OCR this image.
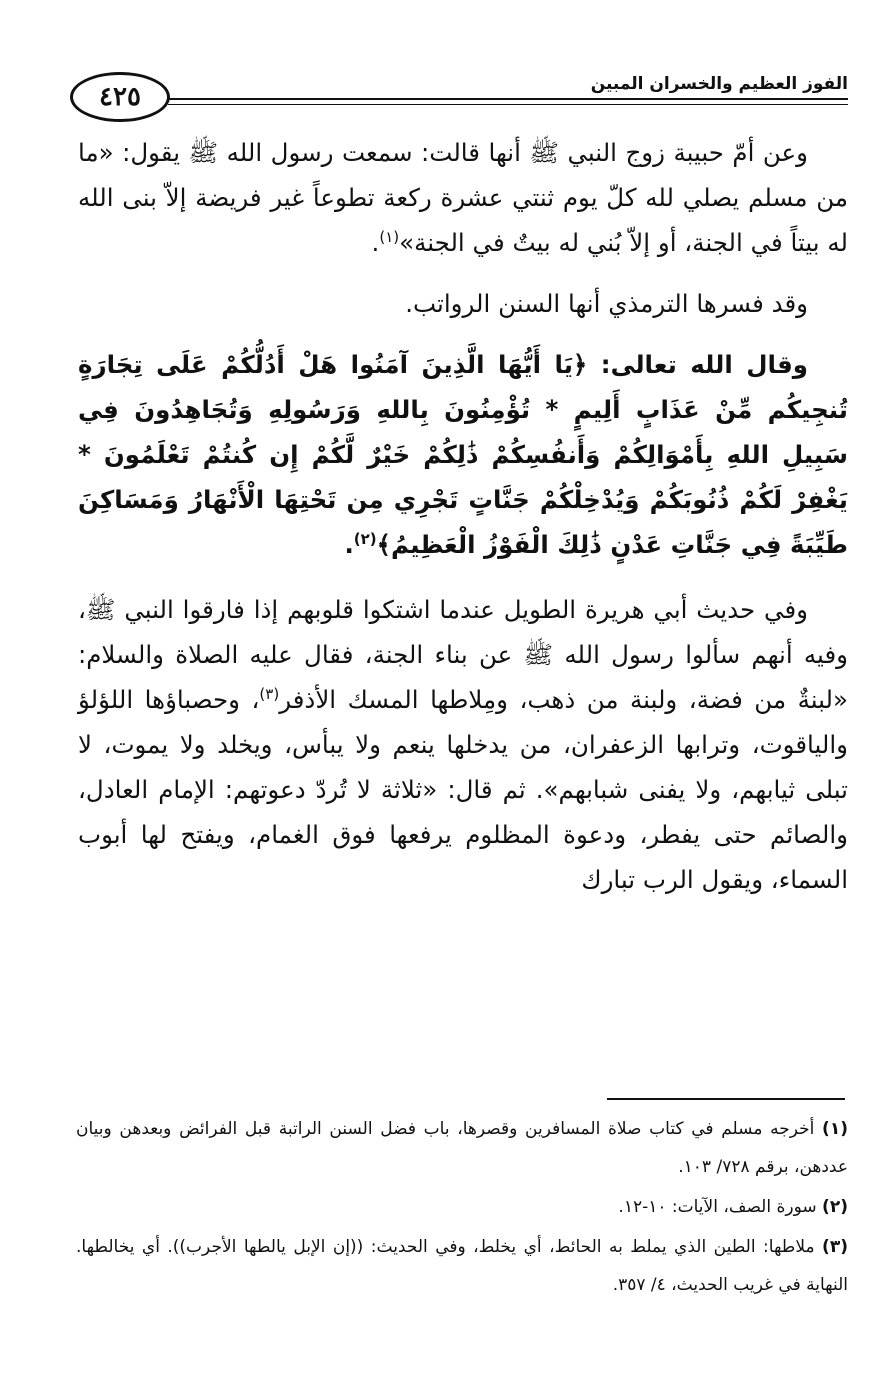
٤٢٥	الفوز العظيم والخسران المبين

وعن أمّ حبيبة زوج النبي ﷺ أنها قالت: سمعت رسول الله ﷺ يقول: «ما من مسلم يصلي لله كلّ يوم ثنتي عشرة ركعة تطوعاً غير فريضة إلاّ بنى الله له بيتاً في الجنة، أو إلاّ بُني له بيتٌ في الجنة»$^{(١)}$.

وقد فسرها الترمذي أنها السنن الرواتب.

وقال الله تعالى: ﴿يَا أَيُّهَا الَّذِينَ آمَنُوا هَلْ أَدُلُّكُمْ عَلَى تِجَارَةٍ تُنجِيكُم مِّنْ عَذَابٍ أَلِيمٍ * تُؤْمِنُونَ بِاللهِ وَرَسُولِهِ وَتُجَاهِدُونَ فِي سَبِيلِ اللهِ بِأَمْوَالِكُمْ وَأَنفُسِكُمْ ذَٰلِكُمْ خَيْرٌ لَّكُمْ إِن كُنتُمْ تَعْلَمُونَ * يَغْفِرْ لَكُمْ ذُنُوبَكُمْ وَيُدْخِلْكُمْ جَنَّاتٍ تَجْرِي مِن تَحْتِهَا الْأَنْهَارُ وَمَسَاكِنَ طَيِّبَةً فِي جَنَّاتِ عَدْنٍ ذَٰلِكَ الْفَوْزُ الْعَظِيمُ﴾$^{(٢)}$.

وفي حديث أبي هريرة الطويل عندما اشتكوا قلوبهم إذا فارقوا النبي ﷺ، وفيه أنهم سألوا رسول الله ﷺ عن بناء الجنة، فقال عليه الصلاة والسلام: «لبنةٌ من فضة، ولبنة من ذهب، ومِلاطها المسك الأذفر$^{(٣)}$، وحصباؤها اللؤلؤ والياقوت، وترابها الزعفران، من يدخلها ينعم ولا يبأس، ويخلد ولا يموت، لا تبلى ثيابهم، ولا يفنى شبابهم». ثم قال: «ثلاثة لا تُردّ دعوتهم: الإمام العادل، والصائم حتى يفطر، ودعوة المظلوم يرفعها فوق الغمام، ويفتح لها أبوب السماء، ويقول الرب تبارك

(١) أخرجه مسلم في كتاب صلاة المسافرين وقصرها، باب فضل السنن الراتبة قبل الفرائض وبعدهن وبيان عددهن، برقم ٧٢٨/ ١٠٣.

(٢) سورة الصف، الآيات: ١٠-١٢.

(٣) ملاطها: الطين الذي يملط به الحائط، أي يخلط، وفي الحديث: ((إن الإبل يالطها الأجرب)). أي يخالطها. النهاية في غريب الحديث، ٤/ ٣٥٧.
